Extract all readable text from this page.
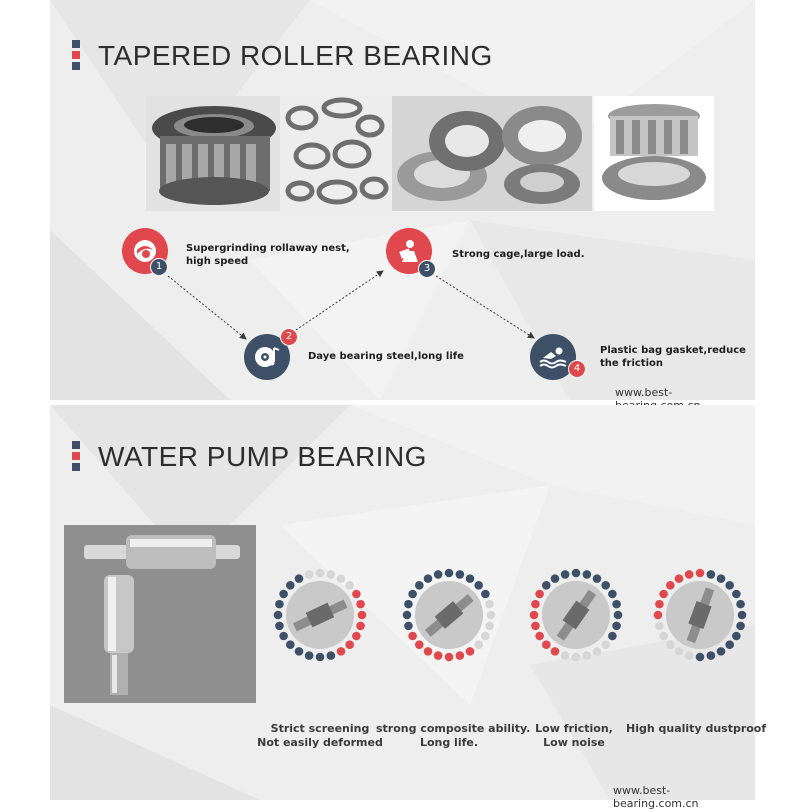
TAPERED ROLLER BEARING
1
Supergrinding rollaway nest,
high speed
2
Daye bearing steel,long life
3
Strong cage,large load.
4
Plastic bag gasket,reduce
the friction
www.best-
WATER PUMP BEARING
Strict screening
Not easily deformed
strong composite ability.
Long life.
Low friction,
Low noise
High quality dustproof
www.best-bearing.com.cn
